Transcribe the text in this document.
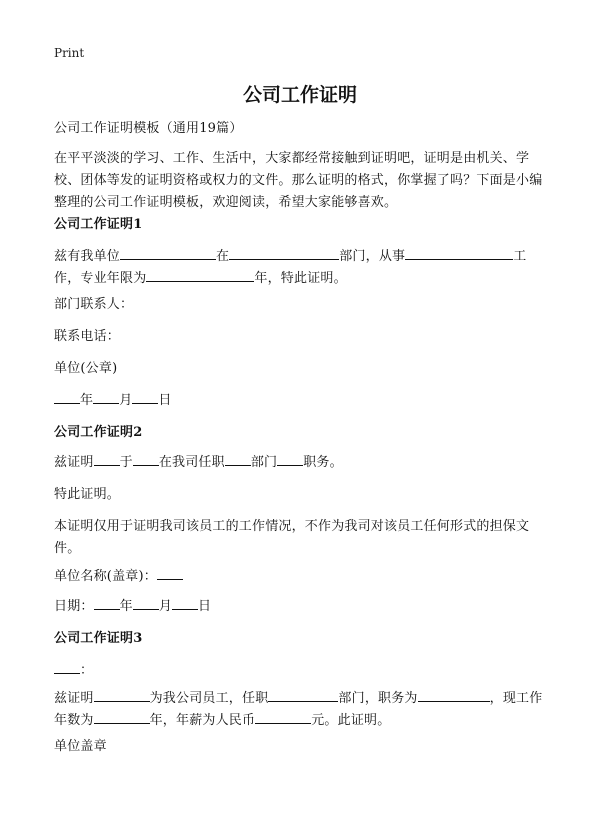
Print
公司工作证明
公司工作证明模板（通用19篇）
在平平淡淡的学习、工作、生活中，大家都经常接触到证明吧，证明是由机关、学校、团体等发的证明资格或权力的文件。那么证明的格式，你掌握了吗？下面是小编整理的公司工作证明模板，欢迎阅读，希望大家能够喜欢。
公司工作证明1
兹有我单位	在	部门，从事	工作，专业年限为	年，特此证明。
部门联系人：
联系电话：
单位(公章)
年 月 日
公司工作证明2
兹证明 于 在我司任职 部门 职务。
特此证明。
本证明仅用于证明我司该员工的工作情况，不作为我司对该员工任何形式的担保文件。
单位名称(盖章)：
日期： 年 月 日
公司工作证明3
：
兹证明	为我公司员工，任职	部门，职务为	，现工作年数为	年，年薪为人民币	元。此证明。
单位盖章
